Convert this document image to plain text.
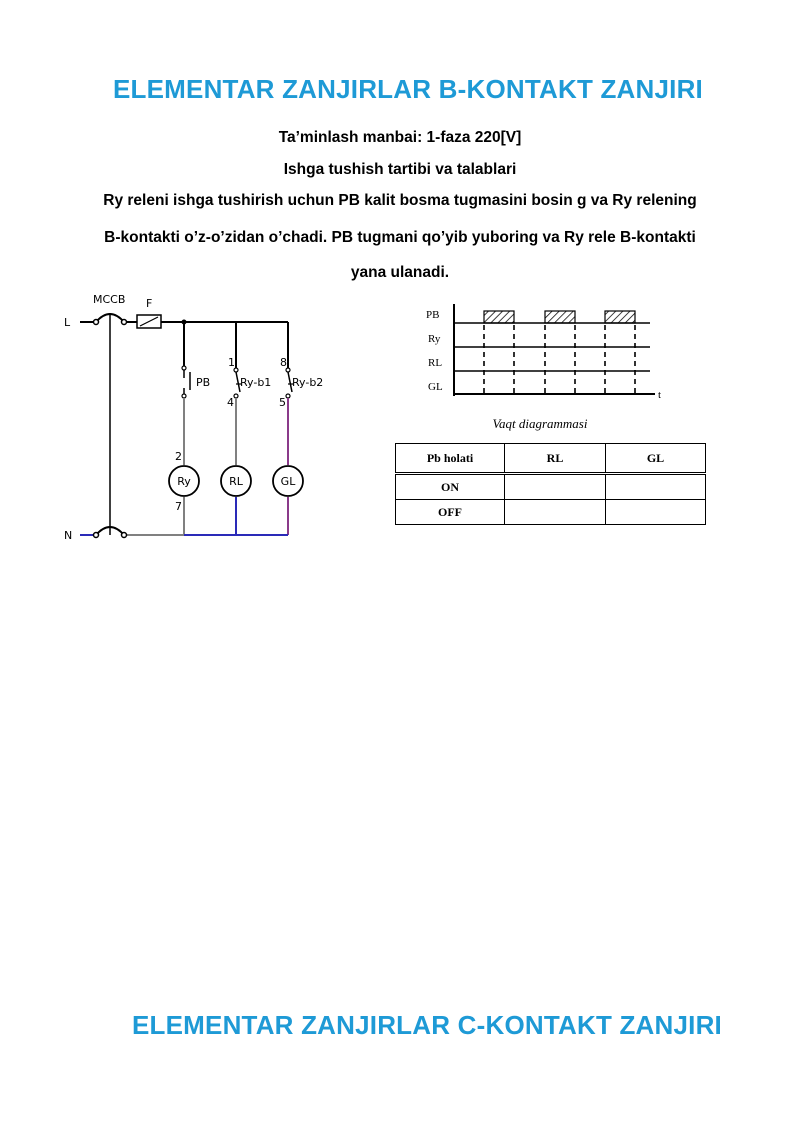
ELEMENTAR ZANJIRLAR B-KONTAKT ZANJIRI
Ta’minlash manbai: 1-faza 220[V]
Ishga tushish tartibi va talablari
Ry releni ishga tushirish uchun PB kalit bosma tugmasini bosin g va Ry relening
B-kontakti o’z-o’zidan o’chadi. PB tugmani qo’yib yuboring va Ry rele B-kontakti
yana ulanadi.
L
N
MCCB F
PB	Ry-b1 Ry-b2
Ry	RL	GL
1
4
8
5
2
7
PB
Ry
RL
GL
t
Vaqt diagrammasi
Pb holati	RL	GL
ON		
OFF		
ELEMENTAR ZANJIRLAR C-KONTAKT ZANJIRI
